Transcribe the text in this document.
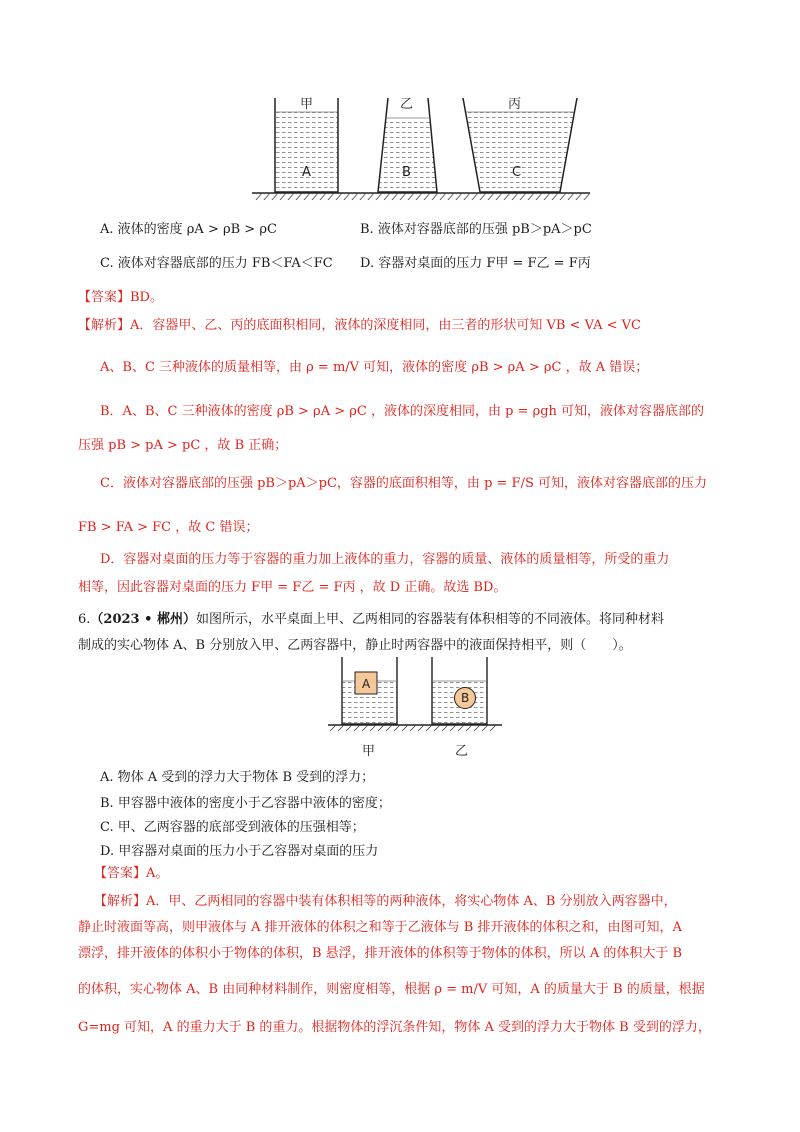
甲
A
乙
B
丙
C
A. 液体的密度 ρA > ρB > ρC	B. 液体对容器底部的压强 pB＞pA＞pC
C. 液体对容器底部的压力 FB＜FA＜FC D. 容器对桌面的压力 F甲 = F乙 = F丙
【答案】BD。
【解析】A．容器甲、乙、丙的底面积相同，液体的深度相同，由三者的形状可知 VB < VA < VC
A、B、C 三种液体的质量相等，由 ρ = m/V 可知，液体的密度 ρB > ρA > ρC ，故 A 错误；
B．A、B、C 三种液体的密度 ρB > ρA > ρC ，液体的深度相同，由 p = ρgh 可知，液体对容器底部的
压强 pB > pA > pC ，故 B 正确；
C．液体对容器底部的压强 pB＞pA＞pC，容器的底面积相等，由 p = F/S 可知，液体对容器底部的压力
FB > FA > FC ，故 C 错误；
D．容器对桌面的压力等于容器的重力加上液体的重力，容器的质量、液体的质量相等，所受的重力
相等，因此容器对桌面的压力 F甲 = F乙 = F丙 ，故 D 正确。故选 BD。
6.（2023 • 郴州）如图所示，水平桌面上甲、乙两相同的容器装有体积相等的不同液体。将同种材料
制成的实心物体 A、B 分别放入甲、乙两容器中，静止时两容器中的液面保持相平，则（　　）。
A
甲
B
乙
A. 物体 A 受到的浮力大于物体 B 受到的浮力；
B. 甲容器中液体的密度小于乙容器中液体的密度；
C. 甲、乙两容器的底部受到液体的压强相等；
D. 甲容器对桌面的压力小于乙容器对桌面的压力
【答案】A。
【解析】A．甲、乙两相同的容器中装有体积相等的两种液体，将实心物体 A、B 分别放入两容器中，
静止时液面等高，则甲液体与 A 排开液体的体积之和等于乙液体与 B 排开液体的体积之和，由图可知，A
漂浮，排开液体的体积小于物体的体积，B 悬浮，排开液体的体积等于物体的体积，所以 A 的体积大于 B
的体积，实心物体 A、B 由同种材料制作，则密度相等，根据 ρ = m/V 可知，A 的质量大于 B 的质量，根据
G=mg 可知，A 的重力大于 B 的重力。根据物体的浮沉条件知，物体 A 受到的浮力大于物体 B 受到的浮力，
